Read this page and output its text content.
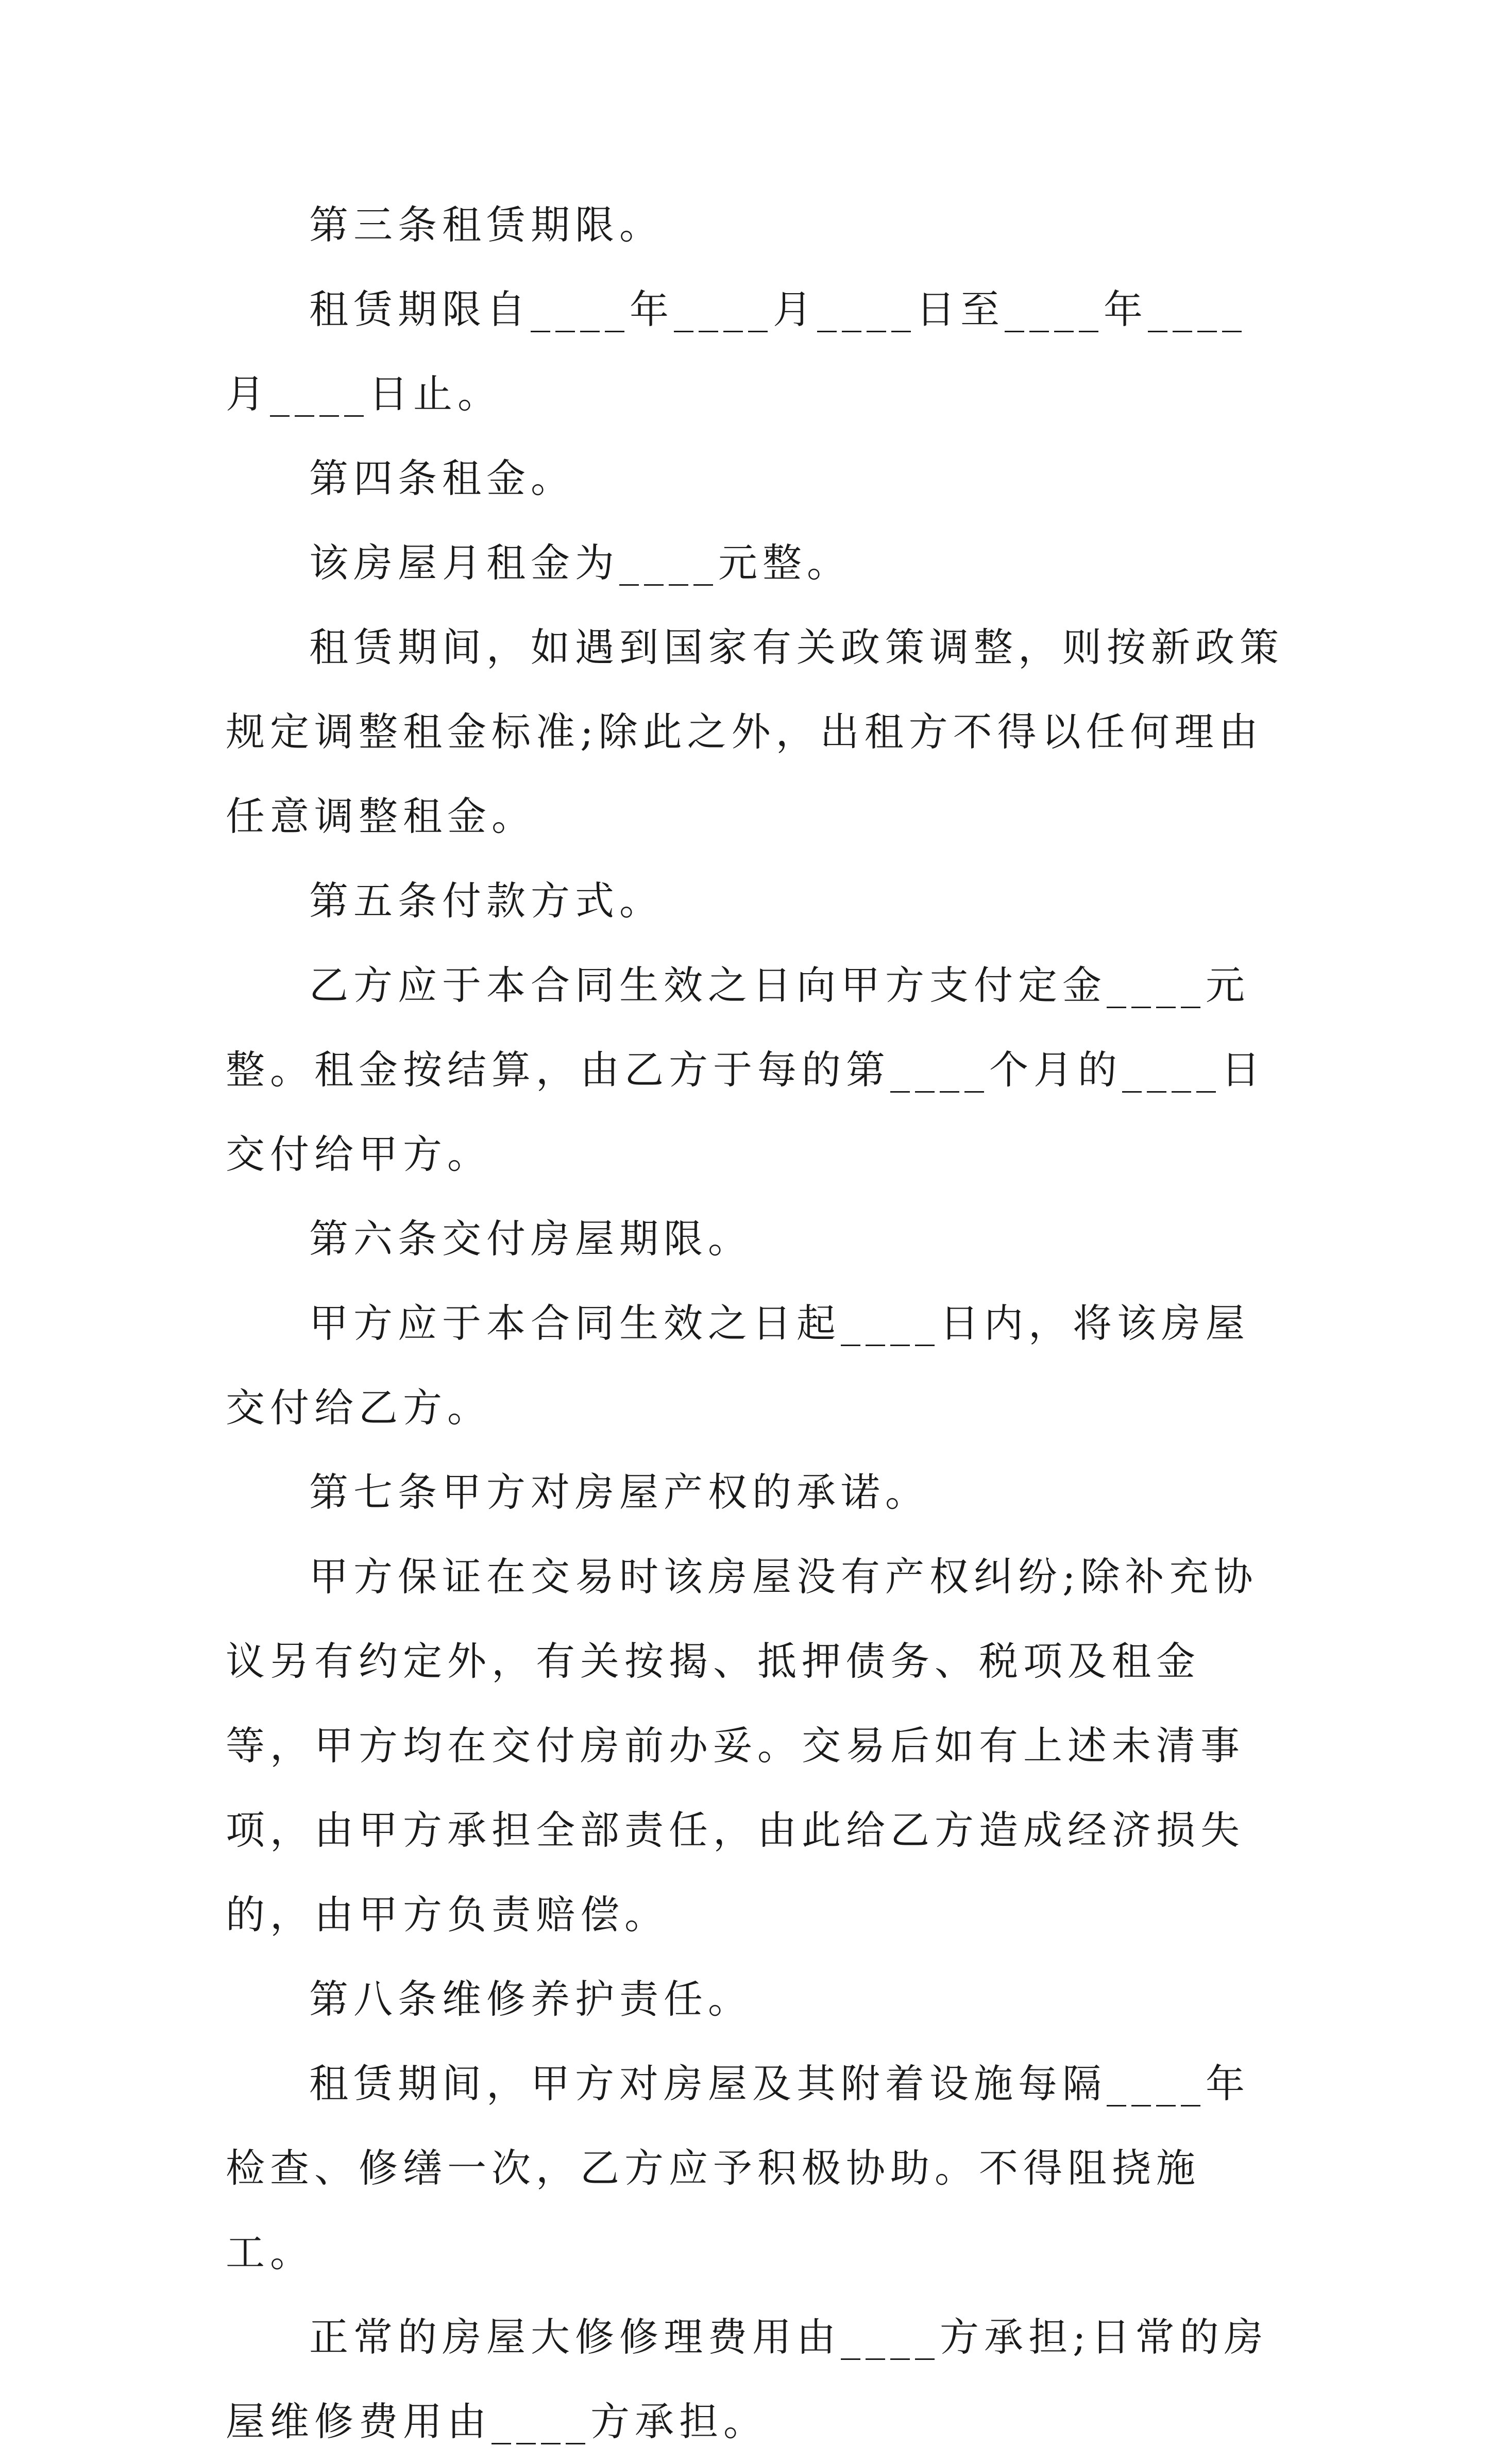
第三条租赁期限。

租赁期限自____年____月____日至____年____月____日止。

第四条租金。

该房屋月租金为____元整。

租赁期间，如遇到国家有关政策调整，则按新政策规定调整租金标准;除此之外，出租方不得以任何理由任意调整租金。

第五条付款方式。

乙方应于本合同生效之日向甲方支付定金____元整。租金按结算，由乙方于每的第____个月的____日交付给甲方。

第六条交付房屋期限。

甲方应于本合同生效之日起____日内，将该房屋交付给乙方。

第七条甲方对房屋产权的承诺。

甲方保证在交易时该房屋没有产权纠纷;除补充协议另有约定外，有关按揭、抵押债务、税项及租金等，甲方均在交付房前办妥。交易后如有上述未清事项，由甲方承担全部责任，由此给乙方造成经济损失的，由甲方负责赔偿。

第八条维修养护责任。

租赁期间，甲方对房屋及其附着设施每隔____年检查、修缮一次，乙方应予积极协助。不得阻挠施工。

正常的房屋大修修理费用由____方承担;日常的房屋维修费用由____方承担。
